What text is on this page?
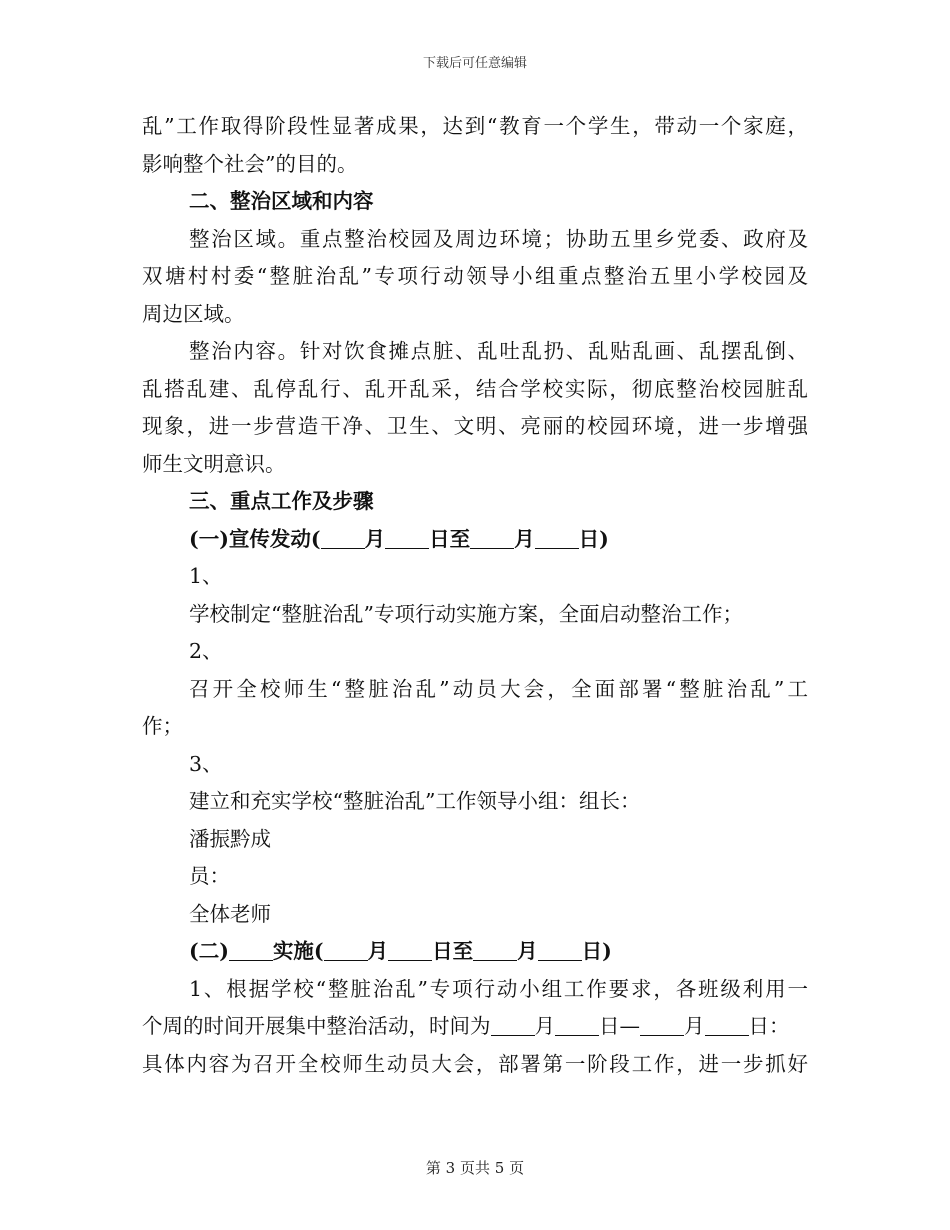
下载后可任意编辑
乱”工作取得阶段性显著成果，达到“教育一个学生，带动一个家庭，
影响整个社会”的目的。
二、整治区域和内容
整治区域。重点整治校园及周边环境；协助五里乡党委、政府及
双塘村村委“整脏治乱”专项行动领导小组重点整治五里小学校园及
周边区域。
整治内容。针对饮食摊点脏、乱吐乱扔、乱贴乱画、乱摆乱倒、
乱搭乱建、乱停乱行、乱开乱采，结合学校实际，彻底整治校园脏乱
现象，进一步营造干净、卫生、文明、亮丽的校园环境，进一步增强
师生文明意识。
三、重点工作及步骤
(一)宣传发动( 月 日至 月 日)
1、
学校制定“整脏治乱”专项行动实施方案，全面启动整治工作；
2、
召开全校师生“整脏治乱”动员大会，全面部署“整脏治乱”工
作；
3、
建立和充实学校“整脏治乱”工作领导小组：组长：
潘振黔成
员：
全体老师
(二) 实施( 月 日至 月 日)
1、根据学校“整脏治乱”专项行动小组工作要求，各班级利用一
个周的时间开展集中整治活动，时间为 月 日— 月 日：
具体内容为召开全校师生动员大会，部署第一阶段工作，进一步抓好
第 3 页共 5 页
